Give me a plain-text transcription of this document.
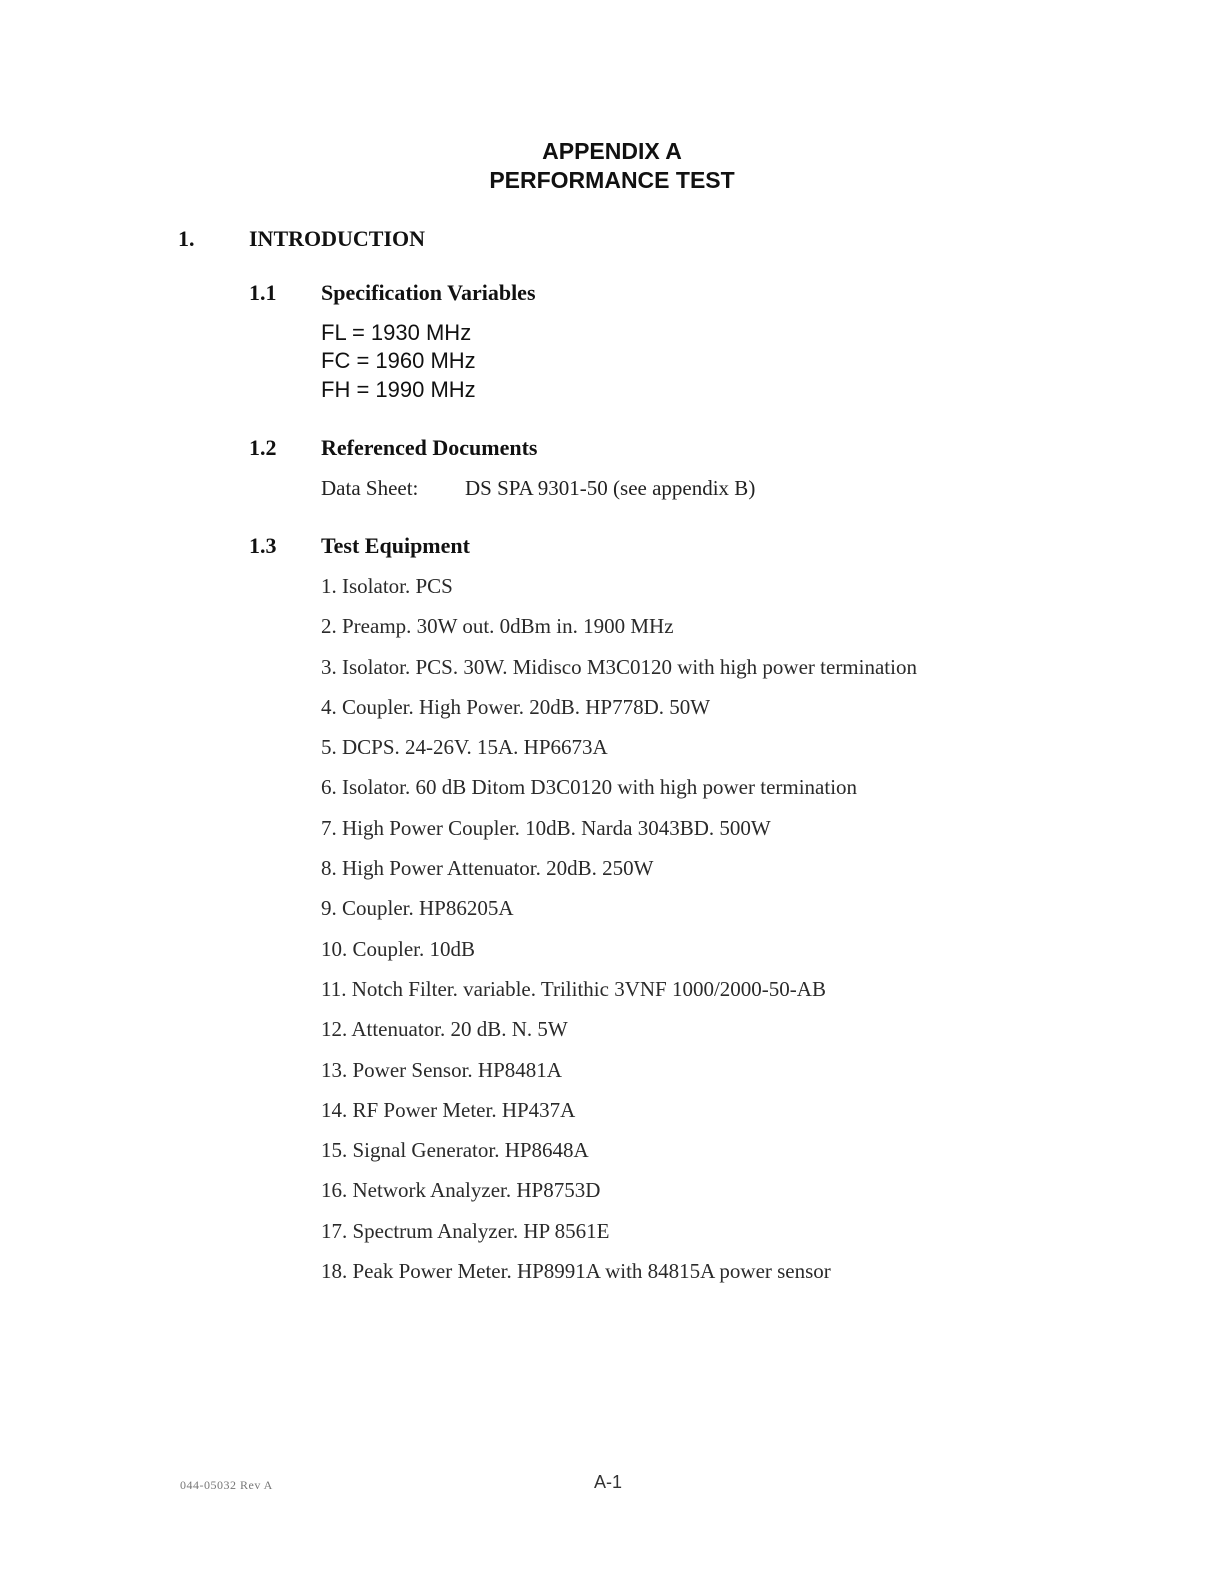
APPENDIX A
PERFORMANCE TEST
1. INTRODUCTION
1.1 Specification Variables
FL = 1930 MHz
FC = 1960 MHz
FH = 1990 MHz
1.2 Referenced Documents
Data Sheet: DS SPA 9301-50 (see appendix B)
1.3 Test Equipment
1. Isolator. PCS
2. Preamp. 30W out. 0dBm in. 1900 MHz
3. Isolator. PCS. 30W. Midisco M3C0120 with high power termination
4. Coupler. High Power. 20dB. HP778D. 50W
5. DCPS. 24-26V. 15A. HP6673A
6. Isolator. 60 dB Ditom D3C0120 with high power termination
7. High Power Coupler. 10dB. Narda 3043BD. 500W
8. High Power Attenuator. 20dB. 250W
9. Coupler. HP86205A
10. Coupler. 10dB
11. Notch Filter. variable. Trilithic 3VNF 1000/2000-50-AB
12. Attenuator. 20 dB. N. 5W
13. Power Sensor. HP8481A
14. RF Power Meter. HP437A
15. Signal Generator. HP8648A
16. Network Analyzer. HP8753D
17. Spectrum Analyzer. HP 8561E
18. Peak Power Meter. HP8991A with 84815A power sensor
044-05032 Rev A	A-1
